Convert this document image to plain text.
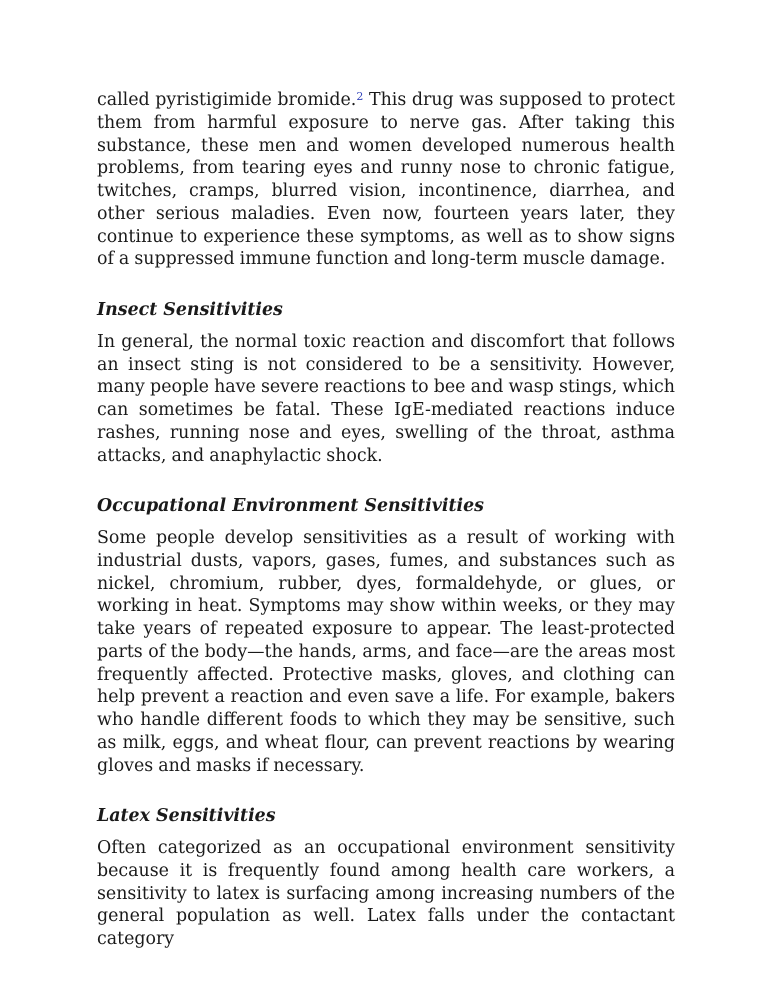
called pyristigimide bromide.$^2$ This drug was supposed to protect them from harmful exposure to nerve gas. After taking this substance, these men and women developed numerous health problems, from tearing eyes and runny nose to chronic fatigue, twitches, cramps, blurred vision, incontinence, diarrhea, and other serious maladies. Even now, fourteen years later, they continue to experience these symptoms, as well as to show signs of a suppressed immune function and long-term muscle damage.

Insect Sensitivities

In general, the normal toxic reaction and discomfort that follows an insect sting is not considered to be a sensitivity. However, many people have severe reactions to bee and wasp stings, which can sometimes be fatal. These IgE-mediated reactions induce rashes, running nose and eyes, swelling of the throat, asthma attacks, and anaphylactic shock.

Occupational Environment Sensitivities

Some people develop sensitivities as a result of working with industrial dusts, vapors, gases, fumes, and substances such as nickel, chromium, rubber, dyes, formaldehyde, or glues, or working in heat. Symptoms may show within weeks, or they may take years of repeated exposure to appear. The least-protected parts of the body—the hands, arms, and face—are the areas most frequently affected. Protective masks, gloves, and clothing can help prevent a reaction and even save a life. For example, bakers who handle different foods to which they may be sensitive, such as milk, eggs, and wheat flour, can prevent reactions by wearing gloves and masks if necessary.

Latex Sensitivities

Often categorized as an occupational environment sensitivity because it is frequently found among health care workers, a sensitivity to latex is surfacing among increasing numbers of the general population as well. Latex falls under the contactant category
